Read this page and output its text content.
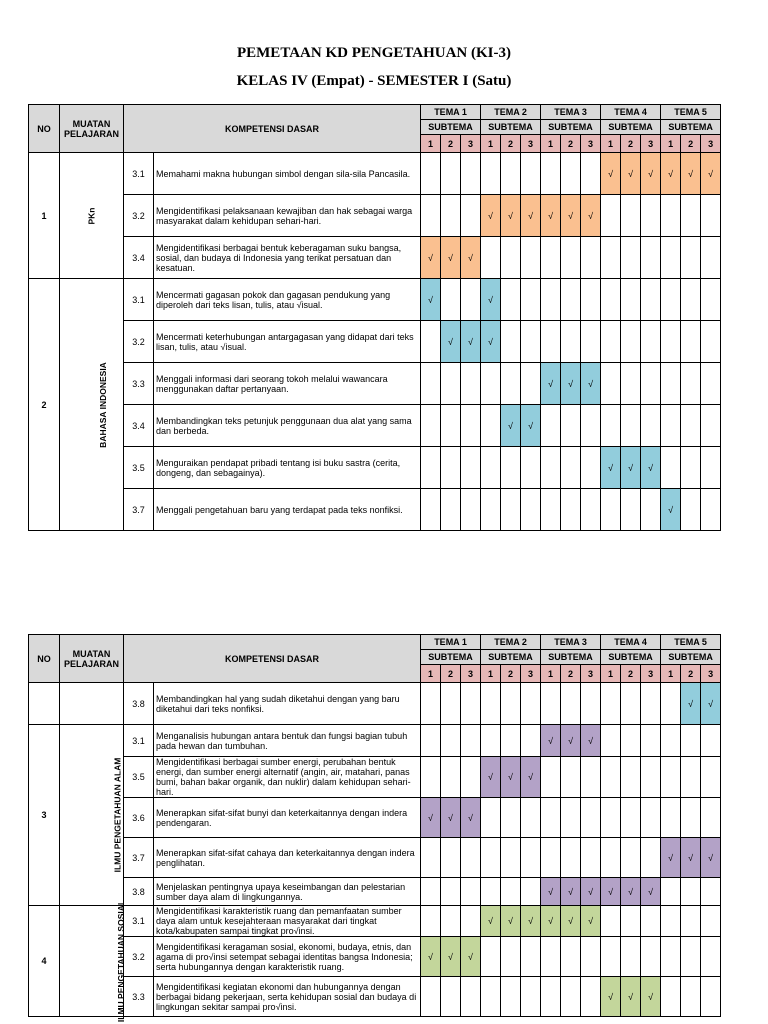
PEMETAAN KD PENGETAHUAN (KI-3)
KELAS IV (Empat) - SEMESTER I (Satu)
NO	MUATAN PELAJARAN	KOMPETENSI DASAR		TEMA 1			TEMA 2			TEMA 3			TEMA 4			TEMA 5		
				SUBTEMA			SUBTEMA			SUBTEMA			SUBTEMA			SUBTEMA		
				1	2	3	1	2	3	1	2	3	1	2	3	1	2	3
1	PKn	3.1	Memahami makna hubungan simbol dengan sila-sila Pancasila.										√	√	√	√	√	√
		3.2	Mengidentifikasi pelaksanaan kewajiban dan hak sebagai warga masyarakat dalam kehidupan sehari-hari.				√	√	√	√	√	√						
		3.4	Mengidentifikasi berbagai bentuk keberagaman suku bangsa, sosial, dan budaya di Indonesia yang terikat persatuan dan kesatuan.	√	√	√												
2	BAHASA INDONESIA	3.1	Mencermati gagasan pokok dan gagasan pendukung yang diperoleh dari teks lisan, tulis, atau √isual.	√			√											
		3.2	Mencermati keterhubungan antargagasan yang didapat dari teks lisan, tulis, atau √isual.		√	√	√											
		3.3	Menggali informasi dari seorang tokoh melalui wawancara menggunakan daftar pertanyaan.							√	√	√						
		3.4	Membandingkan teks petunjuk penggunaan dua alat yang sama dan berbeda.					√	√									
		3.5	Menguraikan pendapat pribadi tentang isi buku sastra (cerita, dongeng, dan sebagainya).										√	√	√			
		3.7	Menggali pengetahuan baru yang terdapat pada teks nonfiksi.													√		
NO	MUATAN PELAJARAN	KOMPETENSI DASAR		TEMA 1			TEMA 2			TEMA 3			TEMA 4			TEMA 5		
				SUBTEMA			SUBTEMA			SUBTEMA			SUBTEMA			SUBTEMA		
				1	2	3	1	2	3	1	2	3	1	2	3	1	2	3
		3.8	Membandingkan hal yang sudah diketahui dengan yang baru diketahui dari teks nonfiksi.														√	√
3	ILMU PENGETAHUAN ALAM	3.1	Menganalisis hubungan antara bentuk dan fungsi bagian tubuh pada hewan dan tumbuhan.							√	√	√						
		3.5	Mengidentifikasi berbagai sumber energi, perubahan bentuk energi, dan sumber energi alternatif (angin, air, matahari, panas bumi, bahan bakar organik, dan nuklir) dalam kehidupan sehari-hari.				√	√	√									
		3.6	Menerapkan sifat-sifat bunyi dan keterkaitannya dengan indera pendengaran.	√	√	√												
		3.7	Menerapkan sifat-sifat cahaya dan keterkaitannya dengan indera penglihatan.													√	√	√
		3.8	Menjelaskan pentingnya upaya keseimbangan dan pelestarian sumber daya alam di lingkungannya.							√	√	√	√	√	√			
4	ILMU PENGETAHUAN SOSIAL	3.1	Mengidentifikasi karakteristik ruang dan pemanfaatan sumber daya alam untuk kesejahteraan masyarakat dari tingkat kota/kabupaten sampai tingkat pro√insi.				√	√	√	√	√	√						
		3.2	Mengidentifikasi keragaman sosial, ekonomi, budaya, etnis, dan agama di pro√insi setempat sebagai identitas bangsa Indonesia; serta hubungannya dengan karakteristik ruang.	√	√	√												
		3.3	Mengidentifikasi kegiatan ekonomi dan hubungannya dengan berbagai bidang pekerjaan, serta kehidupan sosial dan budaya di lingkungan sekitar sampai pro√insi.										√	√	√			
